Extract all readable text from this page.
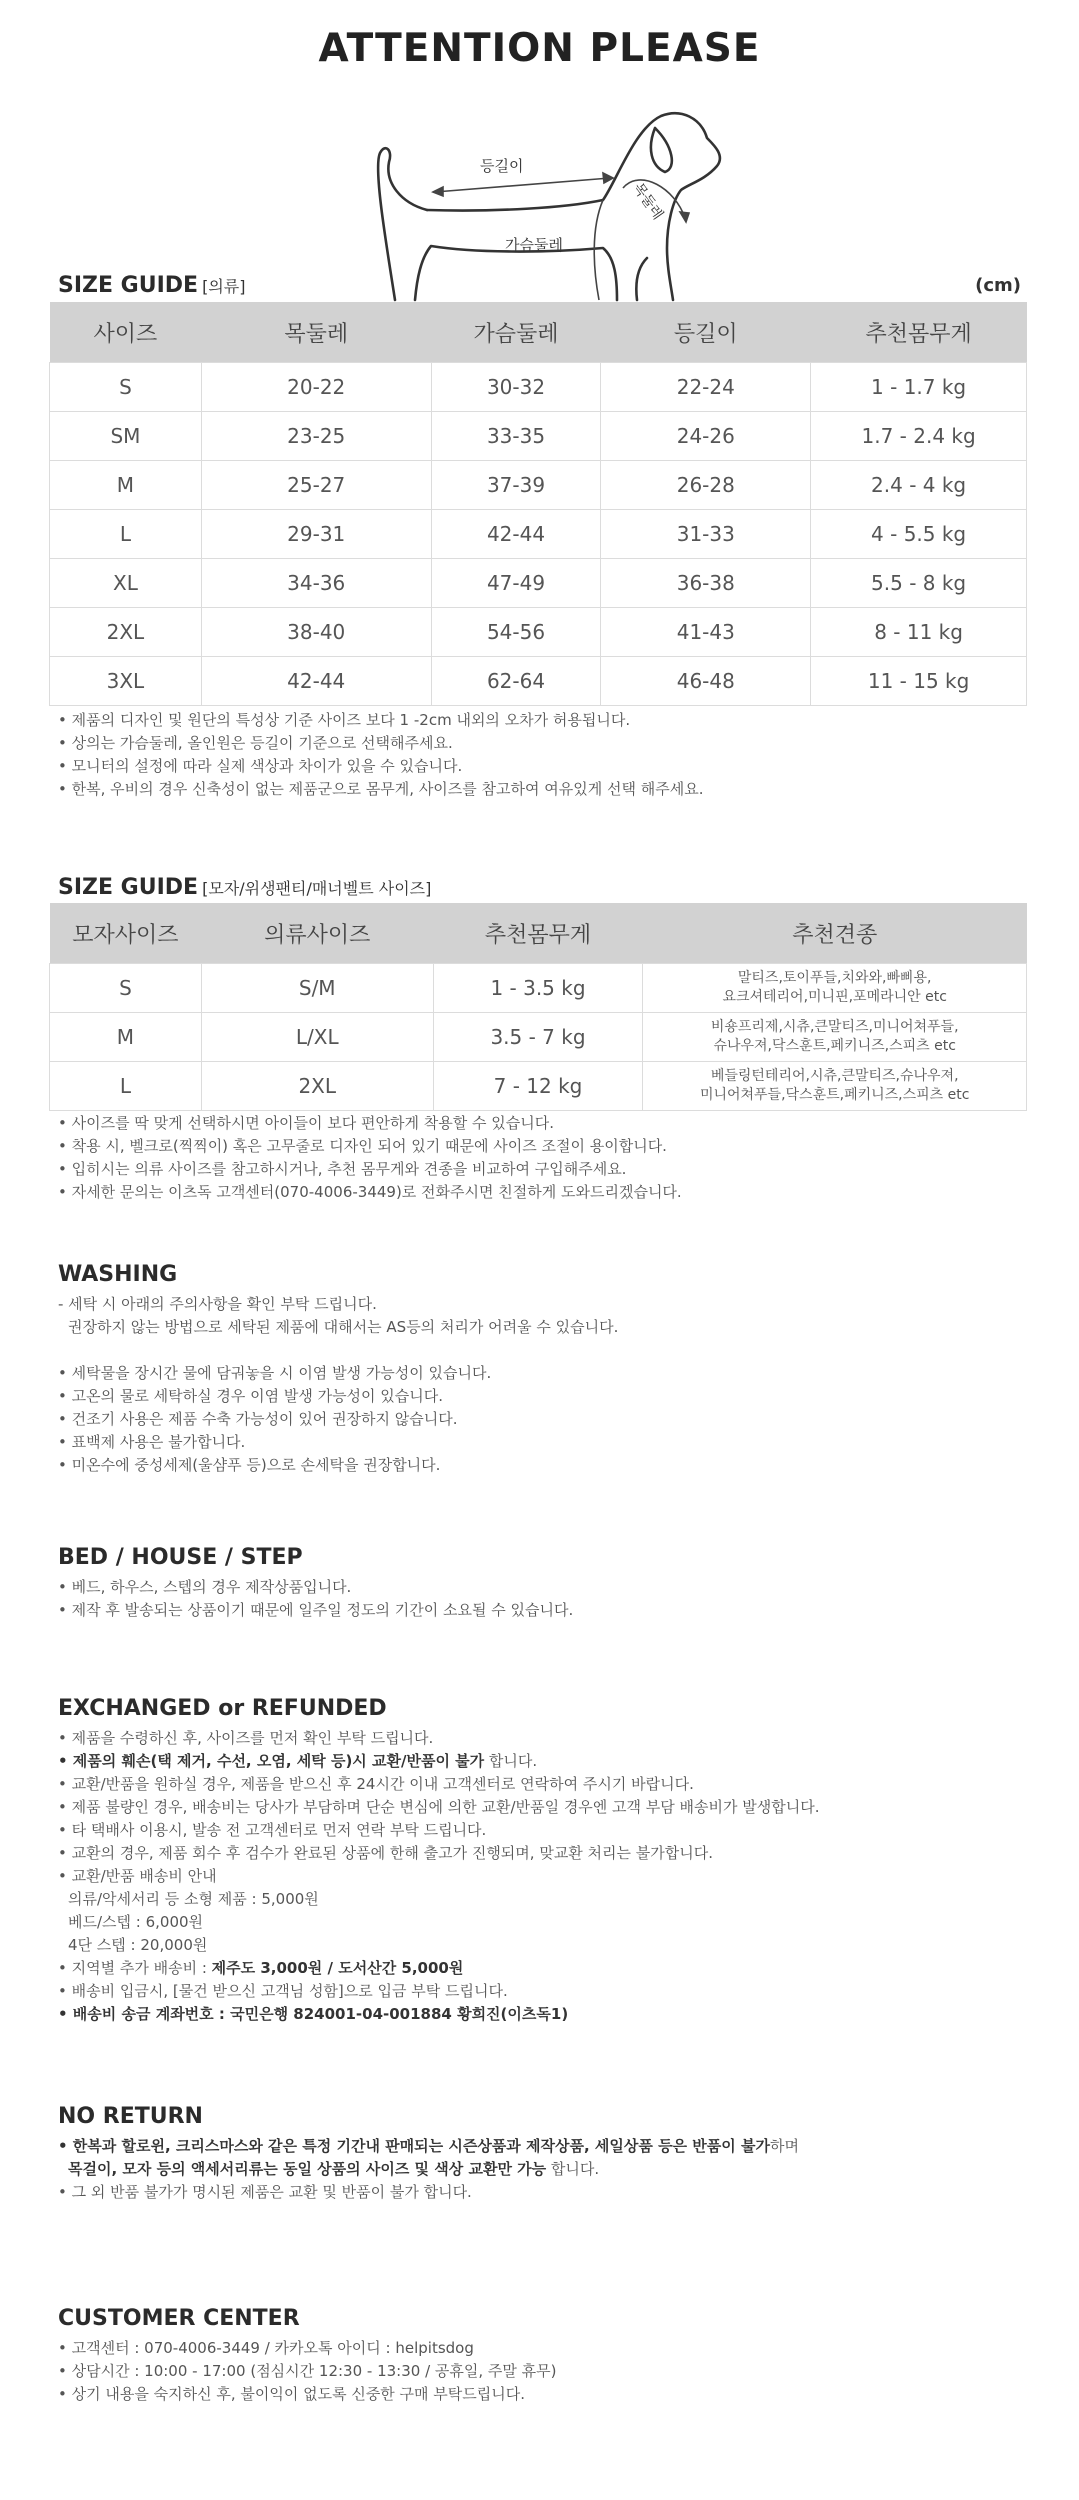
ATTENTION PLEASE
등길이
목둘레
가슴둘레
SIZE GUIDE [의류]	(cm)
사이즈	목둘레	가슴둘레	등길이	추천몸무게
S	20-22	30-32	22-24	1 - 1.7 kg
SM	23-25	33-35	24-26	1.7 - 2.4 kg
M	25-27	37-39	26-28	2.4 - 4 kg
L	29-31	42-44	31-33	4 - 5.5 kg
XL	34-36	47-49	36-38	5.5 - 8 kg
2XL	38-40	54-56	41-43	8 - 11 kg
3XL	42-44	62-64	46-48	11 - 15 kg
• 제품의 디자인 및 원단의 특성상 기준 사이즈 보다 1 -2cm 내외의 오차가 허용됩니다.
• 상의는 가슴둘레, 올인원은 등길이 기준으로 선택해주세요.
• 모니터의 설정에 따라 실제 색상과 차이가 있을 수 있습니다.
• 한복, 우비의 경우 신축성이 없는 제품군으로 몸무게, 사이즈를 참고하여 여유있게 선택 해주세요.
SIZE GUIDE [모자/위생팬티/매너벨트 사이즈]
모자사이즈	의류사이즈	추천몸무게	추천견종
S	S/M	1 - 3.5 kg	말티즈,토이푸들,치와와,빠삐용,
요크셔테리어,미니핀,포메라니안 etc
M	L/XL	3.5 - 7 kg	비숑프리제,시츄,큰말티즈,미니어쳐푸들,
슈나우져,닥스훈트,페키니즈,스피츠 etc
L	2XL	7 - 12 kg	베들링턴테리어,시츄,큰말티즈,슈나우져,
미니어쳐푸들,닥스훈트,페키니즈,스피츠 etc
• 사이즈를 딱 맞게 선택하시면 아이들이 보다 편안하게 착용할 수 있습니다.
• 착용 시, 벨크로(찍찍이) 혹은 고무줄로 디자인 되어 있기 때문에 사이즈 조절이 용이합니다.
• 입히시는 의류 사이즈를 참고하시거나, 추천 몸무게와 견종을 비교하여 구입해주세요.
• 자세한 문의는 이츠독 고객센터(070-4006-3449)로 전화주시면 친절하게 도와드리겠습니다.
WASHING

- 세탁 시 아래의 주의사항을 확인 부탁 드립니다.

권장하지 않는 방법으로 세탁된 제품에 대해서는 AS등의 처리가 어려울 수 있습니다.

• 세탁물을 장시간 물에 담궈놓을 시 이염 발생 가능성이 있습니다.
• 고온의 물로 세탁하실 경우 이염 발생 가능성이 있습니다.
• 건조기 사용은 제품 수축 가능성이 있어 권장하지 않습니다.
• 표백제 사용은 불가합니다.
• 미온수에 중성세제(울샴푸 등)으로 손세탁을 권장합니다.
BED / HOUSE / STEP
• 베드, 하우스, 스텝의 경우 제작상품입니다.
• 제작 후 발송되는 상품이기 때문에 일주일 정도의 기간이 소요될 수 있습니다.
EXCHANGED or REFUNDED
• 제품을 수령하신 후, 사이즈를 먼저 확인 부탁 드립니다.
• 제품의 훼손(택 제거, 수선, 오염, 세탁 등)시 교환/반품이 불가 합니다.
• 교환/반품을 원하실 경우, 제품을 받으신 후 24시간 이내 고객센터로 연락하여 주시기 바랍니다.
• 제품 불량인 경우, 배송비는 당사가 부담하며 단순 변심에 의한 교환/반품일 경우엔 고객 부담 배송비가 발생합니다.
• 타 택배사 이용시, 발송 전 고객센터로 먼저 연락 부탁 드립니다.
• 교환의 경우, 제품 회수 후 검수가 완료된 상품에 한해 출고가 진행되며, 맞교환 처리는 불가합니다.
• 교환/반품 배송비 안내
의류/악세서리 등 소형 제품 : 5,000원
베드/스텝 : 6,000원
4단 스텝 : 20,000원
• 지역별 추가 배송비 : 제주도 3,000원 / 도서산간 5,000원
• 배송비 입금시, [물건 받으신 고객님 성함]으로 입금 부탁 드립니다.
• 배송비 송금 계좌번호 : 국민은행 824001-04-001884 황희진(이츠독1)
NO RETURN
• 한복과 할로윈, 크리스마스와 같은 특정 기간내 판매되는 시즌상품과 제작상품, 세일상품 등은 반품이 불가하며
목걸이, 모자 등의 액세서리류는 동일 상품의 사이즈 및 색상 교환만 가능 합니다.
• 그 외 반품 불가가 명시된 제품은 교환 및 반품이 불가 합니다.
CUSTOMER CENTER
• 고객센터 : 070-4006-3449 / 카카오톡 아이디 : helpitsdog
• 상담시간 : 10:00 - 17:00 (점심시간 12:30 - 13:30 / 공휴일, 주말 휴무)
• 상기 내용을 숙지하신 후, 불이익이 없도록 신중한 구매 부탁드립니다.
